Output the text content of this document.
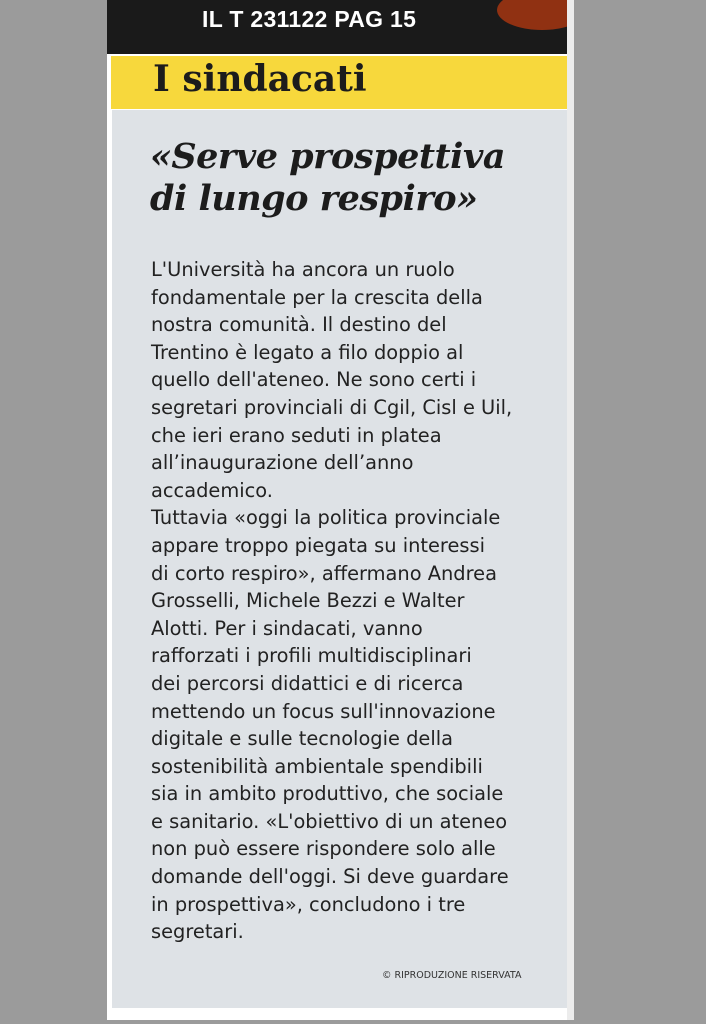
IL T 231122 PAG 15
I sindacati
«Serve prospettiva
di lungo respiro»

L'Università ha ancora un ruolo
fondamentale per la crescita della
nostra comunità. Il destino del
Trentino è legato a filo doppio al
quello dell'ateneo. Ne sono certi i
segretari provinciali di Cgil, Cisl e Uil,
che ieri erano seduti in platea
all’inaugurazione dell’anno
accademico.
Tuttavia «oggi la politica provinciale
appare troppo piegata su interessi
di corto respiro», affermano Andrea
Grosselli, Michele Bezzi e Walter
Alotti. Per i sindacati, vanno
rafforzati i profili multidisciplinari
dei percorsi didattici e di ricerca
mettendo un focus sull'innovazione
digitale e sulle tecnologie della
sostenibilità ambientale spendibili
sia in ambito produttivo, che sociale
e sanitario. «L'obiettivo di un ateneo
non può essere rispondere solo alle
domande dell'oggi. Si deve guardare
in prospettiva», concludono i tre
segretari.

© RIPRODUZIONE RISERVATA
